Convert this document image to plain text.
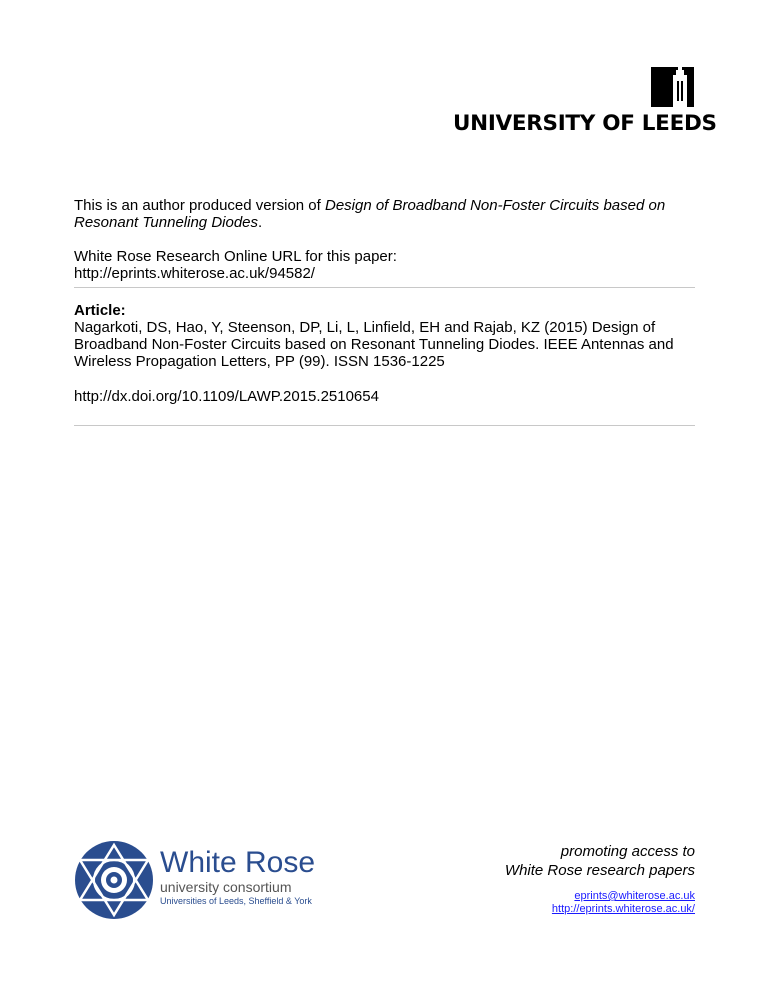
UNIVERSITY OF LEEDS
This is an author produced version of Design of Broadband Non-Foster Circuits based on Resonant Tunneling Diodes.
White Rose Research Online URL for this paper:
http://eprints.whiterose.ac.uk/94582/
Article:
Nagarkoti, DS, Hao, Y, Steenson, DP, Li, L, Linfield, EH and Rajab, KZ (2015) Design of Broadband Non-Foster Circuits based on Resonant Tunneling Diodes. IEEE Antennas and Wireless Propagation Letters, PP (99). ISSN 1536-1225
http://dx.doi.org/10.1109/LAWP.2015.2510654
White Rose
university consortium
Universities of Leeds, Sheffield & York
promoting access to
White Rose research papers
eprints@whiterose.ac.uk
http://eprints.whiterose.ac.uk/
